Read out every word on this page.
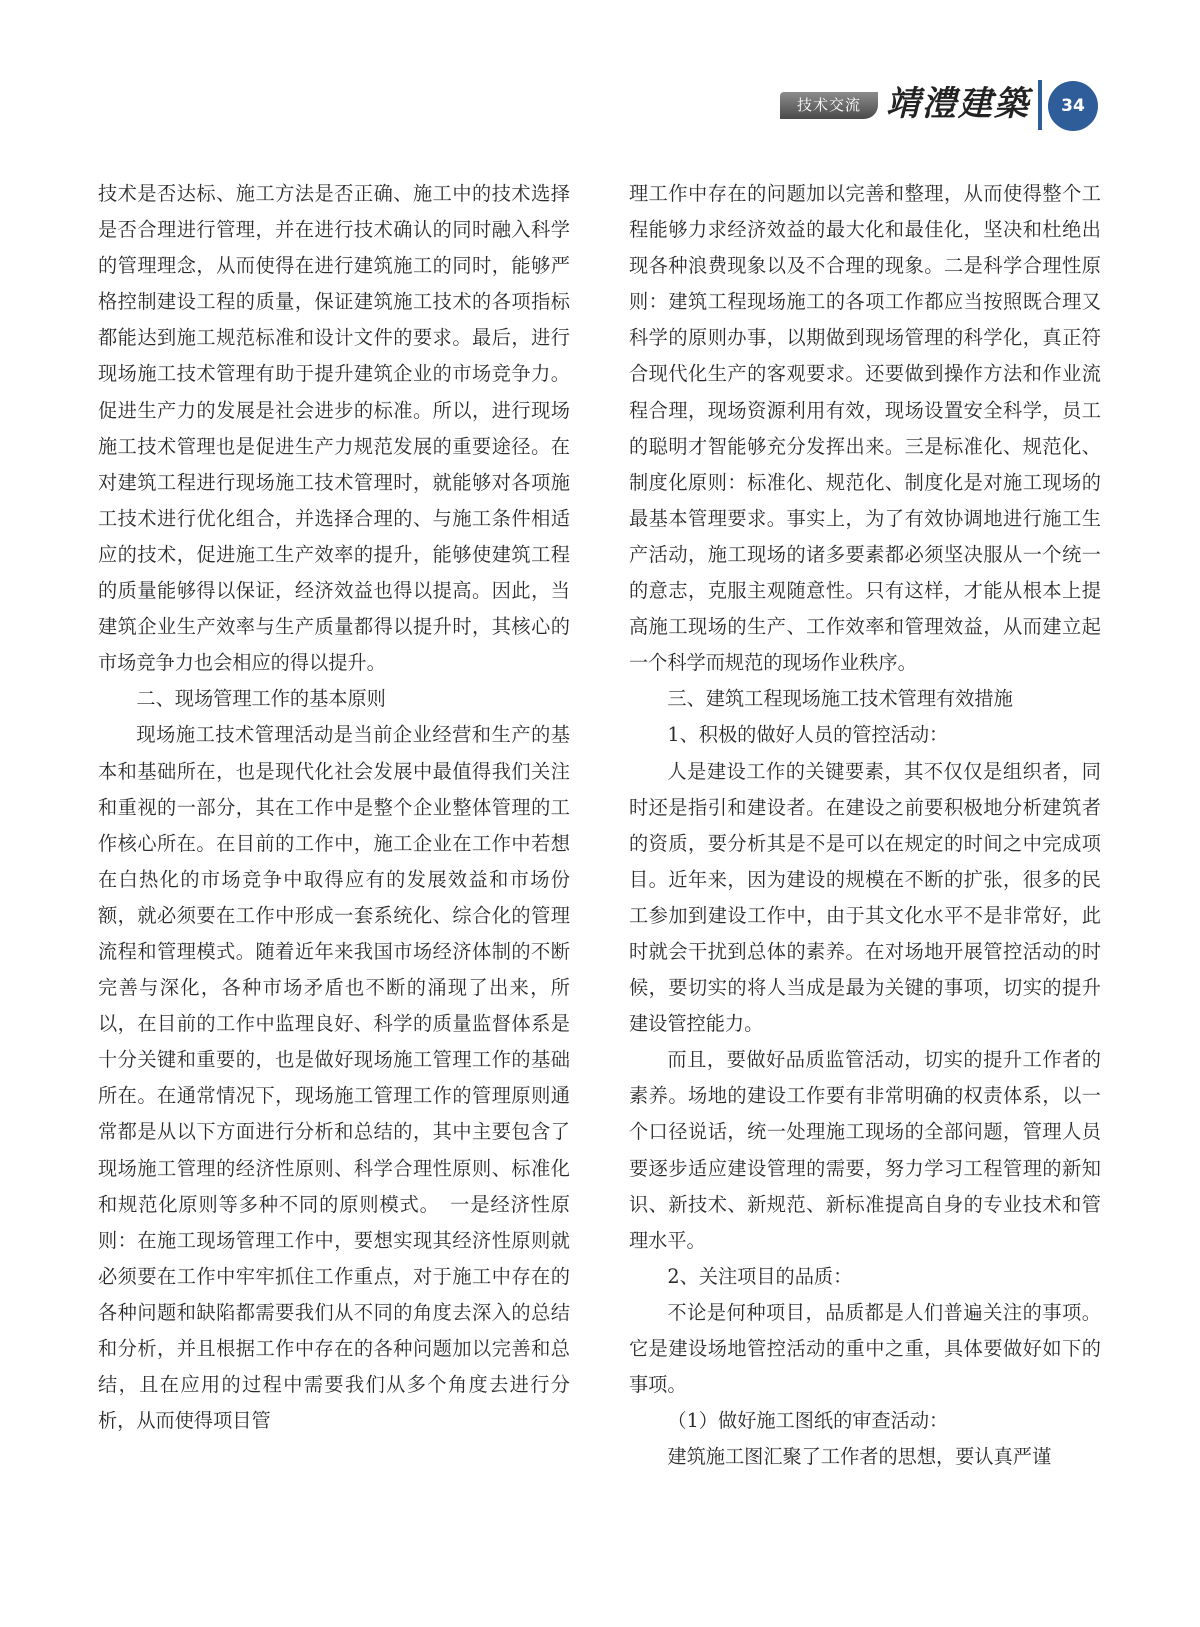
技术交流 靖澧建築	34

技术是否达标、施工方法是否正确、施工中的技术选择是否合理进行管理，并在进行技术确认的同时融入科学的管理理念，从而使得在进行建筑施工的同时，能够严格控制建设工程的质量，保证建筑施工技术的各项指标都能达到施工规范标准和设计文件的要求。最后，进行现场施工技术管理有助于提升建筑企业的市场竞争力。促进生产力的发展是社会进步的标准。所以，进行现场施工技术管理也是促进生产力规范发展的重要途径。在对建筑工程进行现场施工技术管理时，就能够对各项施工技术进行优化组合，并选择合理的、与施工条件相适应的技术，促进施工生产效率的提升，能够使建筑工程的质量能够得以保证，经济效益也得以提高。因此，当建筑企业生产效率与生产质量都得以提升时，其核心的市场竞争力也会相应的得以提升。

二、现场管理工作的基本原则

现场施工技术管理活动是当前企业经营和生产的基本和基础所在，也是现代化社会发展中最值得我们关注和重视的一部分，其在工作中是整个企业整体管理的工作核心所在。在目前的工作中，施工企业在工作中若想在白热化的市场竞争中取得应有的发展效益和市场份额，就必须要在工作中形成一套系统化、综合化的管理流程和管理模式。随着近年来我国市场经济体制的不断完善与深化，各种市场矛盾也不断的涌现了出来，所以，在目前的工作中监理良好、科学的质量监督体系是十分关键和重要的，也是做好现场施工管理工作的基础所在。在通常情况下，现场施工管理工作的管理原则通常都是从以下方面进行分析和总结的，其中主要包含了现场施工管理的经济性原则、科学合理性原则、标准化和规范化原则等多种不同的原则模式。　一是经济性原则：在施工现场管理工作中，要想实现其经济性原则就必须要在工作中牢牢抓住工作重点，对于施工中存在的各种问题和缺陷都需要我们从不同的角度去深入的总结和分析，并且根据工作中存在的各种问题加以完善和总结，且在应用的过程中需要我们从多个角度去进行分析，从而使得项目管

理工作中存在的问题加以完善和整理，从而使得整个工程能够力求经济效益的最大化和最佳化，坚决和杜绝出现各种浪费现象以及不合理的现象。二是科学合理性原则：建筑工程现场施工的各项工作都应当按照既合理又科学的原则办事，以期做到现场管理的科学化，真正符合现代化生产的客观要求。还要做到操作方法和作业流程合理，现场资源利用有效，现场设置安全科学，员工的聪明才智能够充分发挥出来。三是标准化、规范化、制度化原则：标准化、规范化、制度化是对施工现场的最基本管理要求。事实上，为了有效协调地进行施工生产活动，施工现场的诸多要素都必须坚决服从一个统一的意志，克服主观随意性。只有这样，才能从根本上提高施工现场的生产、工作效率和管理效益，从而建立起一个科学而规范的现场作业秩序。

三、建筑工程现场施工技术管理有效措施

1、积极的做好人员的管控活动：

人是建设工作的关键要素，其不仅仅是组织者，同时还是指引和建设者。在建设之前要积极地分析建筑者的资质，要分析其是不是可以在规定的时间之中完成项目。近年来，因为建设的规模在不断的扩张，很多的民工参加到建设工作中，由于其文化水平不是非常好，此时就会干扰到总体的素养。在对场地开展管控活动的时候，要切实的将人当成是最为关键的事项，切实的提升建设管控能力。

而且，要做好品质监管活动，切实的提升工作者的素养。场地的建设工作要有非常明确的权责体系，以一个口径说话，统一处理施工现场的全部问题，管理人员要逐步适应建设管理的需要，努力学习工程管理的新知识、新技术、新规范、新标准提高自身的专业技术和管理水平。

2、关注项目的品质：

不论是何种项目，品质都是人们普遍关注的事项。它是建设场地管控活动的重中之重，具体要做好如下的事项。

（1）做好施工图纸的审查活动：

建筑施工图汇聚了工作者的思想，要认真严谨
